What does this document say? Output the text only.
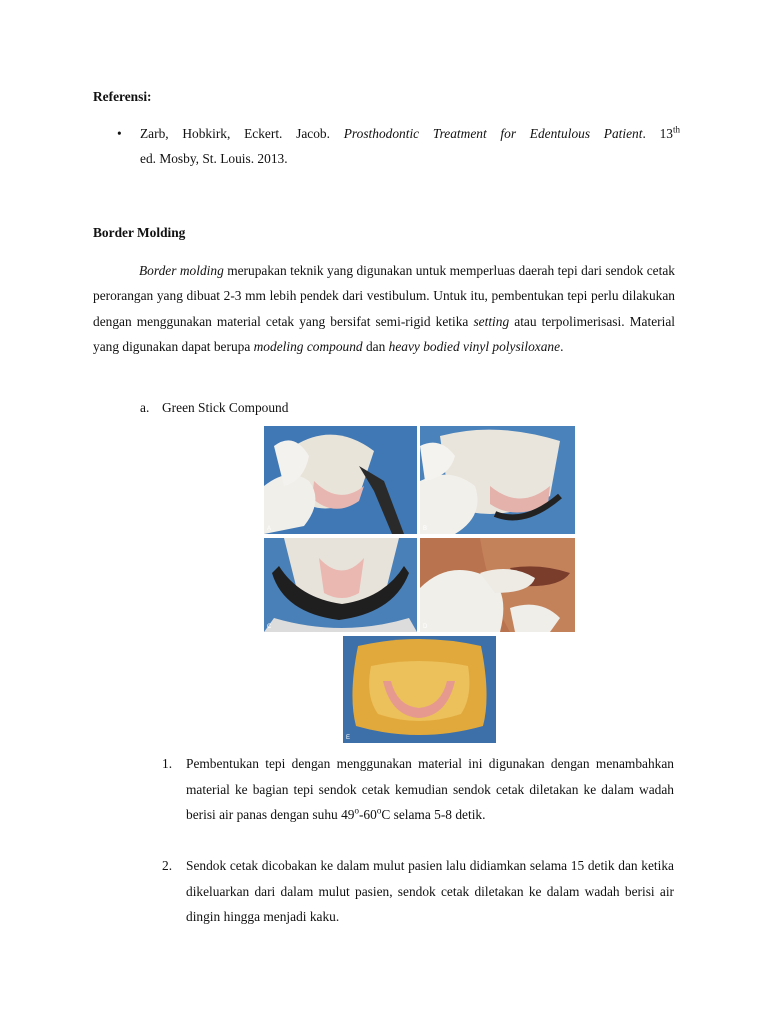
Referensi:
• Zarb, Hobkirk, Eckert. Jacob. Prosthodontic Treatment for Edentulous Patient. 13th
ed. Mosby, St. Louis. 2013.
Border Molding
Border molding merupakan teknik yang digunakan untuk memperluas daerah tepi dari sendok cetak perorangan yang dibuat 2-3 mm lebih pendek dari vestibulum. Untuk itu, pembentukan tepi perlu dilakukan dengan menggunakan material cetak yang bersifat semi-rigid ketika setting atau terpolimerisasi. Material yang digunakan dapat berupa modeling compound dan heavy bodied vinyl polysiloxane.
a. Green Stick Compound
A	B
C	D
E
1.	Pembentukan tepi dengan menggunakan material ini digunakan dengan menambahkan material ke bagian tepi sendok cetak kemudian sendok cetak diletakan ke dalam wadah berisi air panas dengan suhu 49$^o$-60$^o$C selama 5-8 detik.
2.	Sendok cetak dicobakan ke dalam mulut pasien lalu didiamkan selama 15 detik dan ketika dikeluarkan dari dalam mulut pasien, sendok cetak diletakan ke dalam wadah berisi air dingin hingga menjadi kaku.
